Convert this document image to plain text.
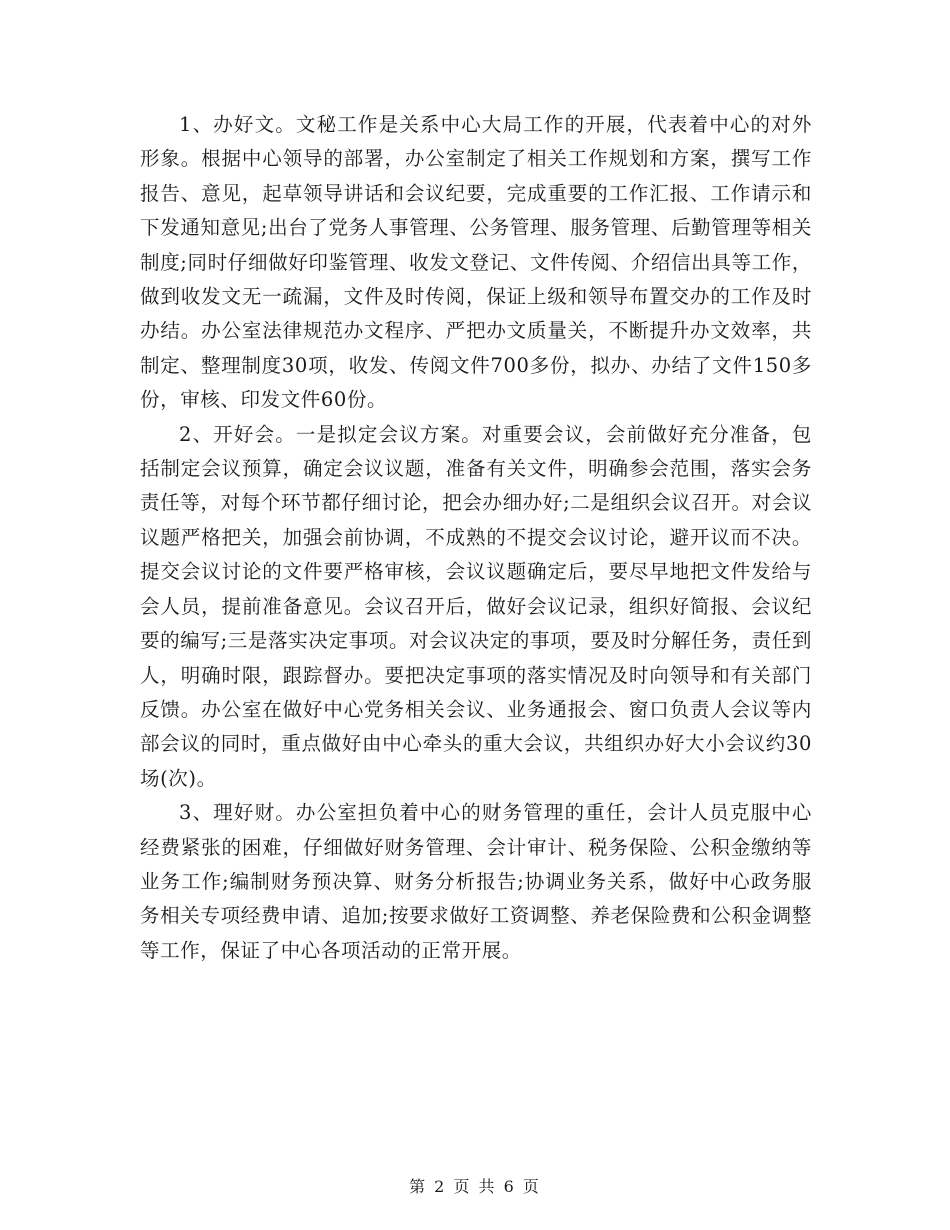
1、办好文。文秘工作是关系中心大局工作的开展，代表着中心的对外形象。根据中心领导的部署，办公室制定了相关工作规划和方案，撰写工作报告、意见，起草领导讲话和会议纪要，完成重要的工作汇报、工作请示和下发通知意见;出台了党务人事管理、公务管理、服务管理、后勤管理等相关制度;同时仔细做好印鉴管理、收发文登记、文件传阅、介绍信出具等工作，做到收发文无一疏漏，文件及时传阅，保证上级和领导布置交办的工作及时办结。办公室法律规范办文程序、严把办文质量关，不断提升办文效率，共制定、整理制度30项，收发、传阅文件700多份，拟办、办结了文件150多份，审核、印发文件60份。

2、开好会。一是拟定会议方案。对重要会议，会前做好充分准备，包括制定会议预算，确定会议议题，准备有关文件，明确参会范围，落实会务责任等，对每个环节都仔细讨论，把会办细办好;二是组织会议召开。对会议议题严格把关，加强会前协调，不成熟的不提交会议讨论，避开议而不决。提交会议讨论的文件要严格审核，会议议题确定后，要尽早地把文件发给与会人员，提前准备意见。会议召开后，做好会议记录，组织好简报、会议纪要的编写;三是落实决定事项。对会议决定的事项，要及时分解任务，责任到人，明确时限，跟踪督办。要把决定事项的落实情况及时向领导和有关部门反馈。办公室在做好中心党务相关会议、业务通报会、窗口负责人会议等内部会议的同时，重点做好由中心牵头的重大会议，共组织办好大小会议约30场(次)。

3、理好财。办公室担负着中心的财务管理的重任，会计人员克服中心经费紧张的困难，仔细做好财务管理、会计审计、税务保险、公积金缴纳等业务工作;编制财务预决算、财务分析报告;协调业务关系，做好中心政务服务相关专项经费申请、追加;按要求做好工资调整、养老保险费和公积金调整等工作，保证了中心各项活动的正常开展。

第 2 页 共 6 页
